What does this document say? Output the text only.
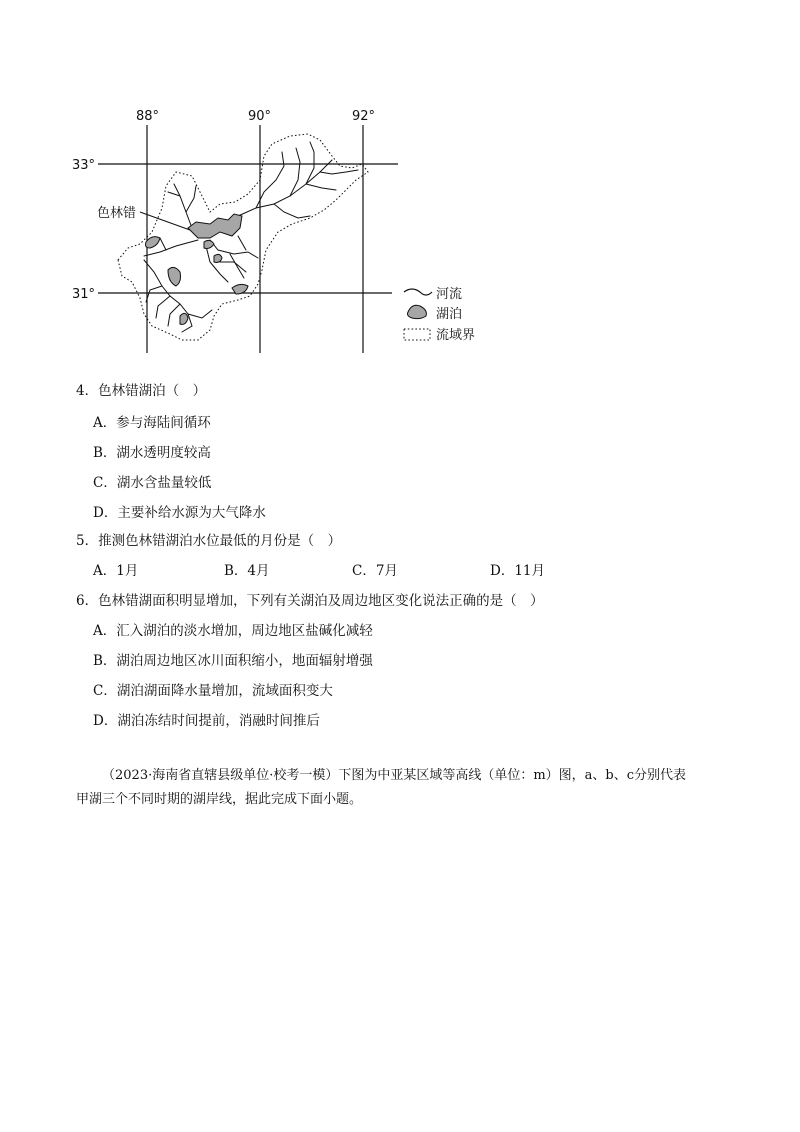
88°	90°	92°
33°
31°
色林错
河流
湖泊
流域界
4．色林错湖泊（　）
A．参与海陆间循环
B．湖水透明度较高
C．湖水含盐量较低
D．主要补给水源为大气降水
5．推测色林错湖泊水位最低的月份是（　）
A．1月	B．4月	C．7月	D．11月
6．色林错湖面积明显增加，下列有关湖泊及周边地区变化说法正确的是（　）
A．汇入湖泊的淡水增加，周边地区盐碱化减轻
B．湖泊周边地区冰川面积缩小，地面辐射增强
C．湖泊湖面降水量增加，流域面积变大
D．湖泊冻结时间提前，消融时间推后

（2023·海南省直辖县级单位·校考一模）下图为中亚某区域等高线（单位：m）图，a、b、c分别代表

甲湖三个不同时期的湖岸线，据此完成下面小题。
